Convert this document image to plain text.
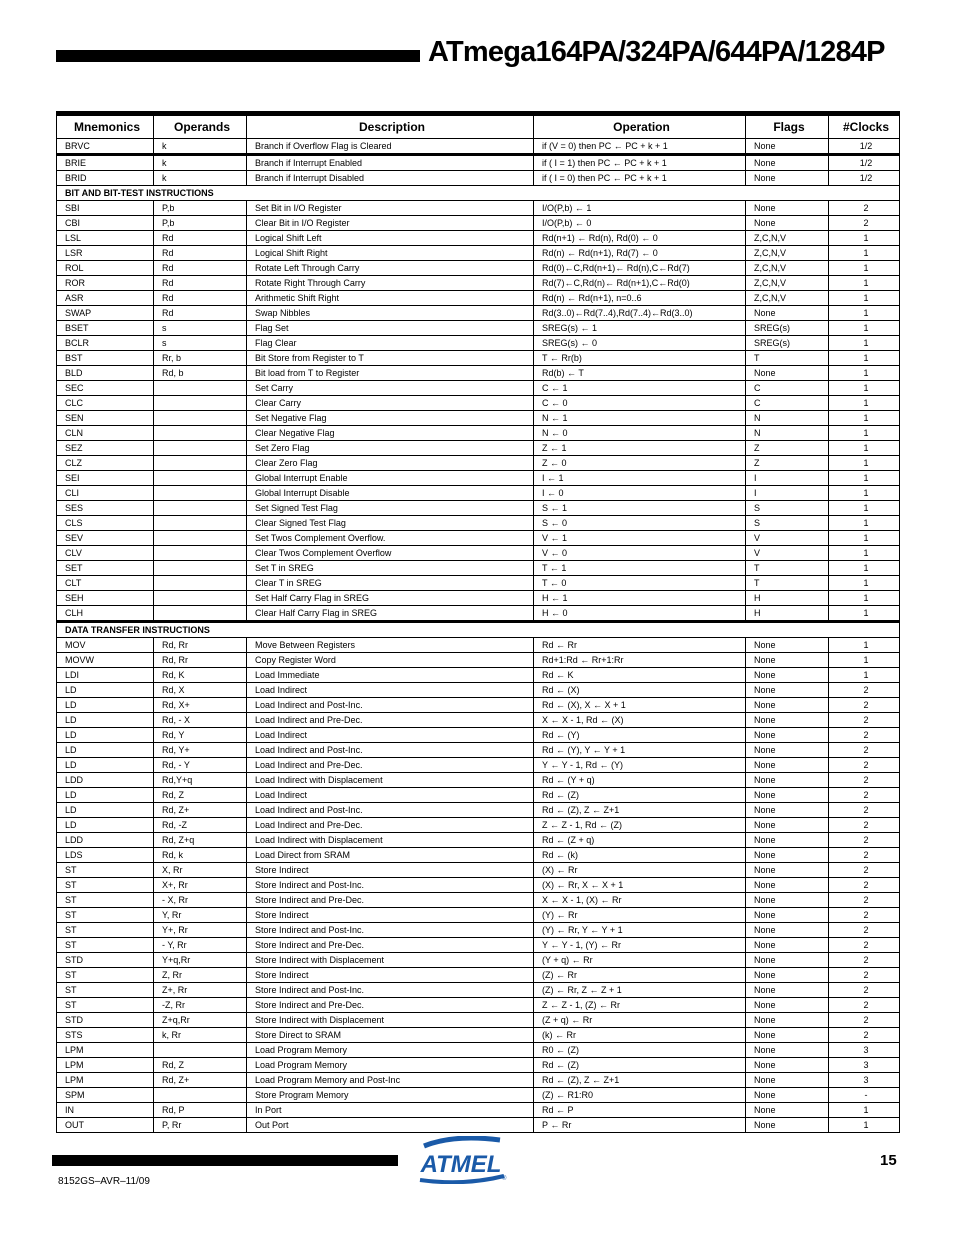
ATmega164PA/324PA/644PA/1284P
Mnemonics	Operands	Description	Operation	Flags	#Clocks
BRVC	k	Branch if Overflow Flag is Cleared	if (V = 0) then PC ← PC + k + 1	None	1/2
BRIE	k	Branch if Interrupt Enabled	if ( I = 1) then PC ← PC + k + 1	None	1/2
BRID	k	Branch if Interrupt Disabled	if ( I = 0) then PC ← PC + k + 1	None	1/2
BIT AND BIT-TEST INSTRUCTIONS					
SBI	P,b	Set Bit in I/O Register	I/O(P,b) ← 1	None	2
CBI	P,b	Clear Bit in I/O Register	I/O(P,b) ← 0	None	2
LSL	Rd	Logical Shift Left	Rd(n+1) ← Rd(n), Rd(0) ← 0	Z,C,N,V	1
LSR	Rd	Logical Shift Right	Rd(n) ← Rd(n+1), Rd(7) ← 0	Z,C,N,V	1
ROL	Rd	Rotate Left Through Carry	Rd(0)←C,Rd(n+1)← Rd(n),C←Rd(7)	Z,C,N,V	1
ROR	Rd	Rotate Right Through Carry	Rd(7)←C,Rd(n)← Rd(n+1),C←Rd(0)	Z,C,N,V	1
ASR	Rd	Arithmetic Shift Right	Rd(n) ← Rd(n+1), n=0..6	Z,C,N,V	1
SWAP	Rd	Swap Nibbles	Rd(3..0)←Rd(7..4),Rd(7..4)←Rd(3..0)	None	1
BSET	s	Flag Set	SREG(s) ← 1	SREG(s)	1
BCLR	s	Flag Clear	SREG(s) ← 0	SREG(s)	1
BST	Rr, b	Bit Store from Register to T	T ← Rr(b)	T	1
BLD	Rd, b	Bit load from T to Register	Rd(b) ← T	None	1
SEC		Set Carry	C ← 1	C	1
CLC		Clear Carry	C ← 0	C	1
SEN		Set Negative Flag	N ← 1	N	1
CLN		Clear Negative Flag	N ← 0	N	1
SEZ		Set Zero Flag	Z ← 1	Z	1
CLZ		Clear Zero Flag	Z ← 0	Z	1
SEI		Global Interrupt Enable	I ← 1	I	1
CLI		Global Interrupt Disable	I ← 0	I	1
SES		Set Signed Test Flag	S ← 1	S	1
CLS		Clear Signed Test Flag	S ← 0	S	1
SEV		Set Twos Complement Overflow.	V ← 1	V	1
CLV		Clear Twos Complement Overflow	V ← 0	V	1
SET		Set T in SREG	T ← 1	T	1
CLT		Clear T in SREG	T ← 0	T	1
SEH		Set Half Carry Flag in SREG	H ← 1	H	1
CLH		Clear Half Carry Flag in SREG	H ← 0	H	1
DATA TRANSFER INSTRUCTIONS					
MOV	Rd, Rr	Move Between Registers	Rd ← Rr	None	1
MOVW	Rd, Rr	Copy Register Word	Rd+1:Rd ← Rr+1:Rr	None	1
LDI	Rd, K	Load Immediate	Rd ← K	None	1
LD	Rd, X	Load Indirect	Rd ← (X)	None	2
LD	Rd, X+	Load Indirect and Post-Inc.	Rd ← (X), X ← X + 1	None	2
LD	Rd, - X	Load Indirect and Pre-Dec.	X ← X - 1, Rd ← (X)	None	2
LD	Rd, Y	Load Indirect	Rd ← (Y)	None	2
LD	Rd, Y+	Load Indirect and Post-Inc.	Rd ← (Y), Y ← Y + 1	None	2
LD	Rd, - Y	Load Indirect and Pre-Dec.	Y ← Y - 1, Rd ← (Y)	None	2
LDD	Rd,Y+q	Load Indirect with Displacement	Rd ← (Y + q)	None	2
LD	Rd, Z	Load Indirect	Rd ← (Z)	None	2
LD	Rd, Z+	Load Indirect and Post-Inc.	Rd ← (Z), Z ← Z+1	None	2
LD	Rd, -Z	Load Indirect and Pre-Dec.	Z ← Z - 1, Rd ← (Z)	None	2
LDD	Rd, Z+q	Load Indirect with Displacement	Rd ← (Z + q)	None	2
LDS	Rd, k	Load Direct from SRAM	Rd ← (k)	None	2
ST	X, Rr	Store Indirect	(X) ← Rr	None	2
ST	X+, Rr	Store Indirect and Post-Inc.	(X) ← Rr, X ← X + 1	None	2
ST	- X, Rr	Store Indirect and Pre-Dec.	X ← X - 1, (X) ← Rr	None	2
ST	Y, Rr	Store Indirect	(Y) ← Rr	None	2
ST	Y+, Rr	Store Indirect and Post-Inc.	(Y) ← Rr, Y ← Y + 1	None	2
ST	- Y, Rr	Store Indirect and Pre-Dec.	Y ← Y - 1, (Y) ← Rr	None	2
STD	Y+q,Rr	Store Indirect with Displacement	(Y + q) ← Rr	None	2
ST	Z, Rr	Store Indirect	(Z) ← Rr	None	2
ST	Z+, Rr	Store Indirect and Post-Inc.	(Z) ← Rr, Z ← Z + 1	None	2
ST	-Z, Rr	Store Indirect and Pre-Dec.	Z ← Z - 1, (Z) ← Rr	None	2
STD	Z+q,Rr	Store Indirect with Displacement	(Z + q) ← Rr	None	2
STS	k, Rr	Store Direct to SRAM	(k) ← Rr	None	2
LPM		Load Program Memory	R0 ← (Z)	None	3
LPM	Rd, Z	Load Program Memory	Rd ← (Z)	None	3
LPM	Rd, Z+	Load Program Memory and Post-Inc	Rd ← (Z), Z ← Z+1	None	3
SPM		Store Program Memory	(Z) ← R1:R0	None	-
IN	Rd, P	In Port	Rd ← P	None	1
OUT	P, Rr	Out Port	P ← Rr	None	1
ATMEL
®
15
8152GS–AVR–11/09
